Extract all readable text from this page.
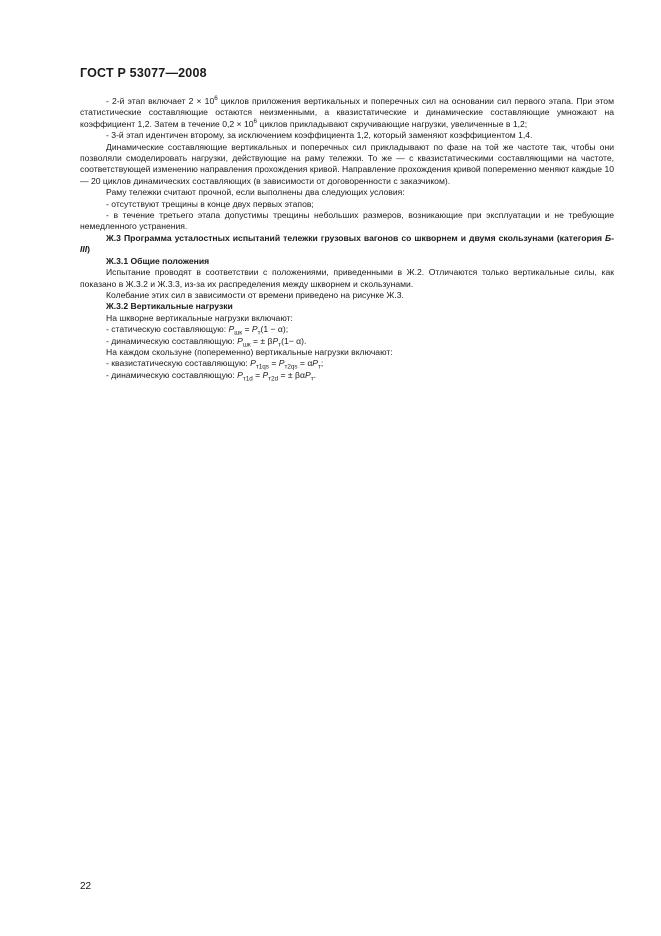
ГОСТ Р 53077—2008

- 2-й этап включает $2 \times 10^6$ циклов приложения вертикальных и поперечных сил на основании сил первого этапа. При этом статистические составляющие остаются неизменными, а квазистатические и динамические составляющие умножают на коэффициент 1,2. Затем в течение $0,2 \times 10^6$ циклов прикладывают скручивающие нагрузки, увеличенные в 1,2;

- 3-й этап идентичен второму, за исключением коэффициента 1,2, который заменяют коэффициентом 1,4.

Динамические составляющие вертикальных и поперечных сил прикладывают по фазе на той же частоте так, чтобы они позволяли смоделировать нагрузки, действующие на раму тележки. То же — с квазистатическими составляющими на частоте, соответствующей изменению направления прохождения кривой. Направление прохождения кривой попеременно меняют каждые 10 — 20 циклов динамических составляющих (в зависимости от договоренности с заказчиком).

Раму тележки считают прочной, если выполнены два следующих условия:

- отсутствуют трещины в конце двух первых этапов;

- в течение третьего этапа допустимы трещины небольших размеров, возникающие при эксплуатации и не требующие немедленного устранения.

Ж.3 Программа усталостных испытаний тележки грузовых вагонов со шкворнем и двумя скользунами (категория Б-III)

Ж.3.1 Общие положения

Испытание проводят в соответствии с положениями, приведенными в Ж.2. Отличаются только вертикальные силы, как показано в Ж.3.2 и Ж.3.3, из-за их распределения между шкворнем и скользунами.

Колебание этих сил в зависимости от времени приведено на рисунке Ж.3.

Ж.3.2 Вертикальные нагрузки

На шкворне вертикальные нагрузки включают:

- статическую составляющую: $P_{шк} = P_т(1 - \alpha)$;

- динамическую составляющую: $P_{шк}$ = ± $\beta P_т(1- \alpha)$.

На каждом скользуне (попеременно) вертикальные нагрузки включают:

- квазистатическую составляющую: $P_{т1qs} = P_{т2qs} = \alpha P_т$;

- динамическую составляющую: $P_{т1d} = P_{т2d}$ = ± βαP$_т$.

22
